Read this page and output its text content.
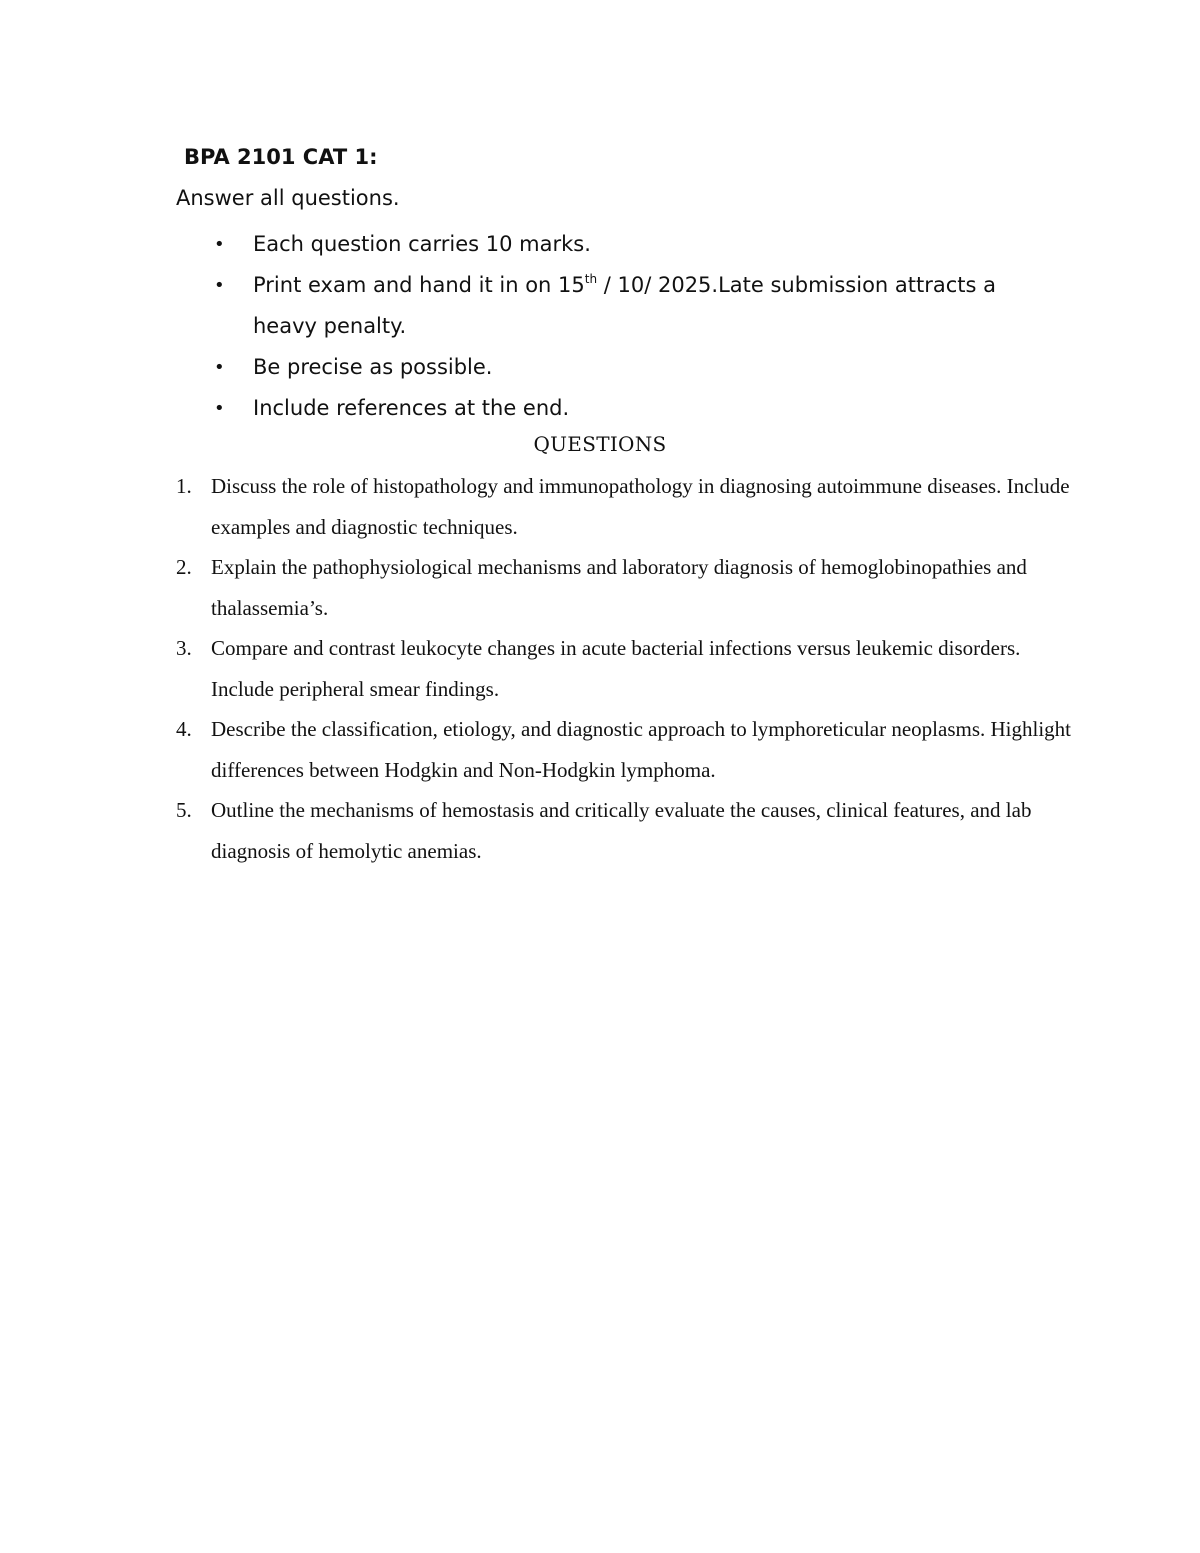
BPA 2101 CAT 1:

Answer all questions.

• Each question carries 10 marks.
• Print exam and hand it in on 15th / 10/ 2025.Late submission attracts a heavy penalty.
• Be precise as possible.
• Include references at the end.

QUESTIONS

1. Discuss the role of histopathology and immunopathology in diagnosing autoimmune diseases. Include examples and diagnostic techniques.
2. Explain the pathophysiological mechanisms and laboratory diagnosis of hemoglobinopathies and thalassemia’s.
3. Compare and contrast leukocyte changes in acute bacterial infections versus leukemic disorders. Include peripheral smear findings.
4. Describe the classification, etiology, and diagnostic approach to lymphoreticular neoplasms. Highlight differences between Hodgkin and Non-Hodgkin lymphoma.
5. Outline the mechanisms of hemostasis and critically evaluate the causes, clinical features, and lab diagnosis of hemolytic anemias.
